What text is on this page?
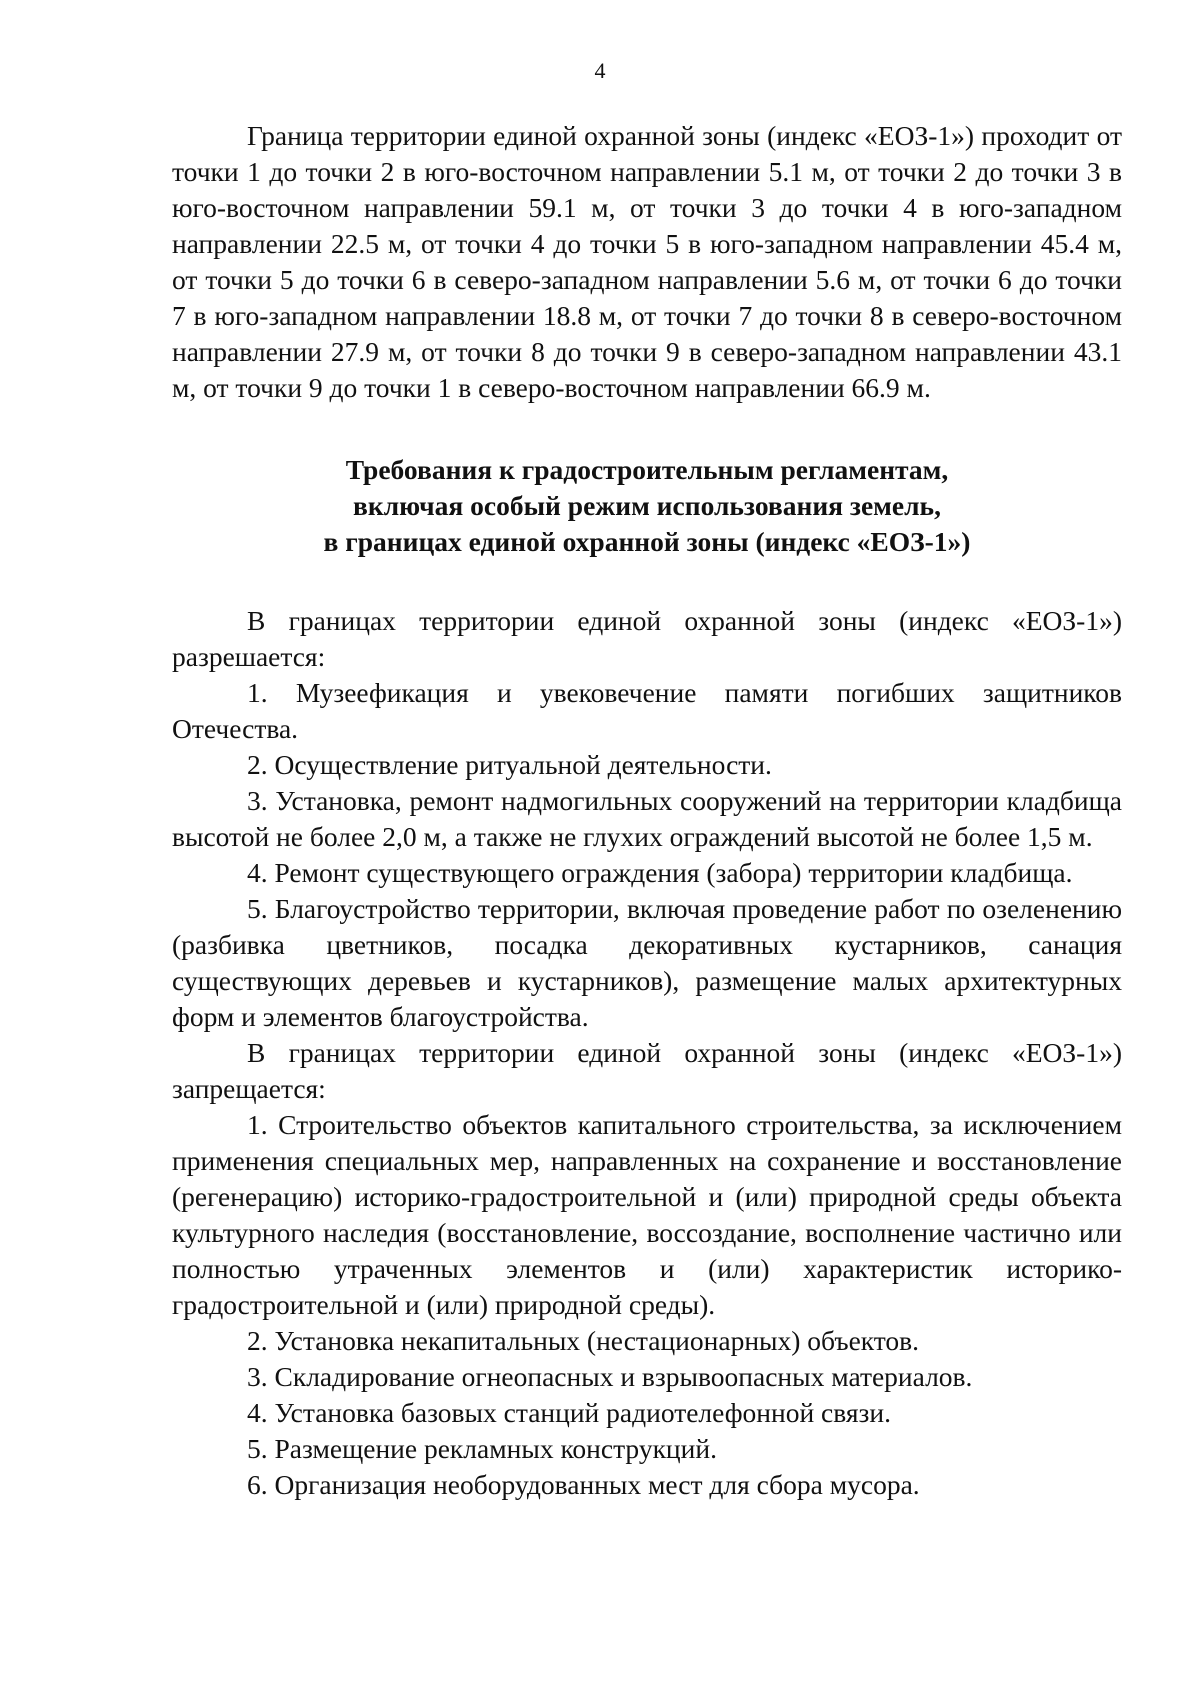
4

Граница территории единой охранной зоны (индекс «ЕОЗ-1») проходит от точки 1 до точки 2 в юго-восточном направлении 5.1 м, от точки 2 до точки 3 в юго-восточном направлении 59.1 м, от точки 3 до точки 4 в юго-западном направлении 22.5 м, от точки 4 до точки 5 в юго-западном направлении 45.4 м, от точки 5 до точки 6 в северо-западном направлении 5.6 м, от точки 6 до точки 7 в юго-западном направлении 18.8 м, от точки 7 до точки 8 в северо-восточном направлении 27.9 м, от точки 8 до точки 9 в северо-западном направлении 43.1 м, от точки 9 до точки 1 в северо-восточном направлении 66.9 м.

Требования к градостроительным регламентам,
включая особый режим использования земель,
в границах единой охранной зоны (индекс «ЕОЗ-1»)

В границах территории единой охранной зоны (индекс «ЕОЗ-1») разрешается:

1. Музеефикация и увековечение памяти погибших защитников Отечества.

2. Осуществление ритуальной деятельности.

3. Установка, ремонт надмогильных сооружений на территории кладбища высотой не более 2,0 м, а также не глухих ограждений высотой не более 1,5 м.

4. Ремонт существующего ограждения (забора) территории кладбища.

5. Благоустройство территории, включая проведение работ по озеленению (разбивка цветников, посадка декоративных кустарников, санация существующих деревьев и кустарников), размещение малых архитектурных форм и элементов благоустройства.

В границах территории единой охранной зоны (индекс «ЕОЗ-1») запрещается:

1. Строительство объектов капитального строительства, за исключением применения специальных мер, направленных на сохранение и восстановление (регенерацию) историко-градостроительной и (или) природной среды объекта культурного наследия (восстановление, воссоздание, восполнение частично или полностью утраченных элементов и (или) характеристик историко-градостроительной и (или) природной среды).

2. Установка некапитальных (нестационарных) объектов.

3. Складирование огнеопасных и взрывоопасных материалов.

4. Установка базовых станций радиотелефонной связи.

5. Размещение рекламных конструкций.

6. Организация необорудованных мест для сбора мусора.
